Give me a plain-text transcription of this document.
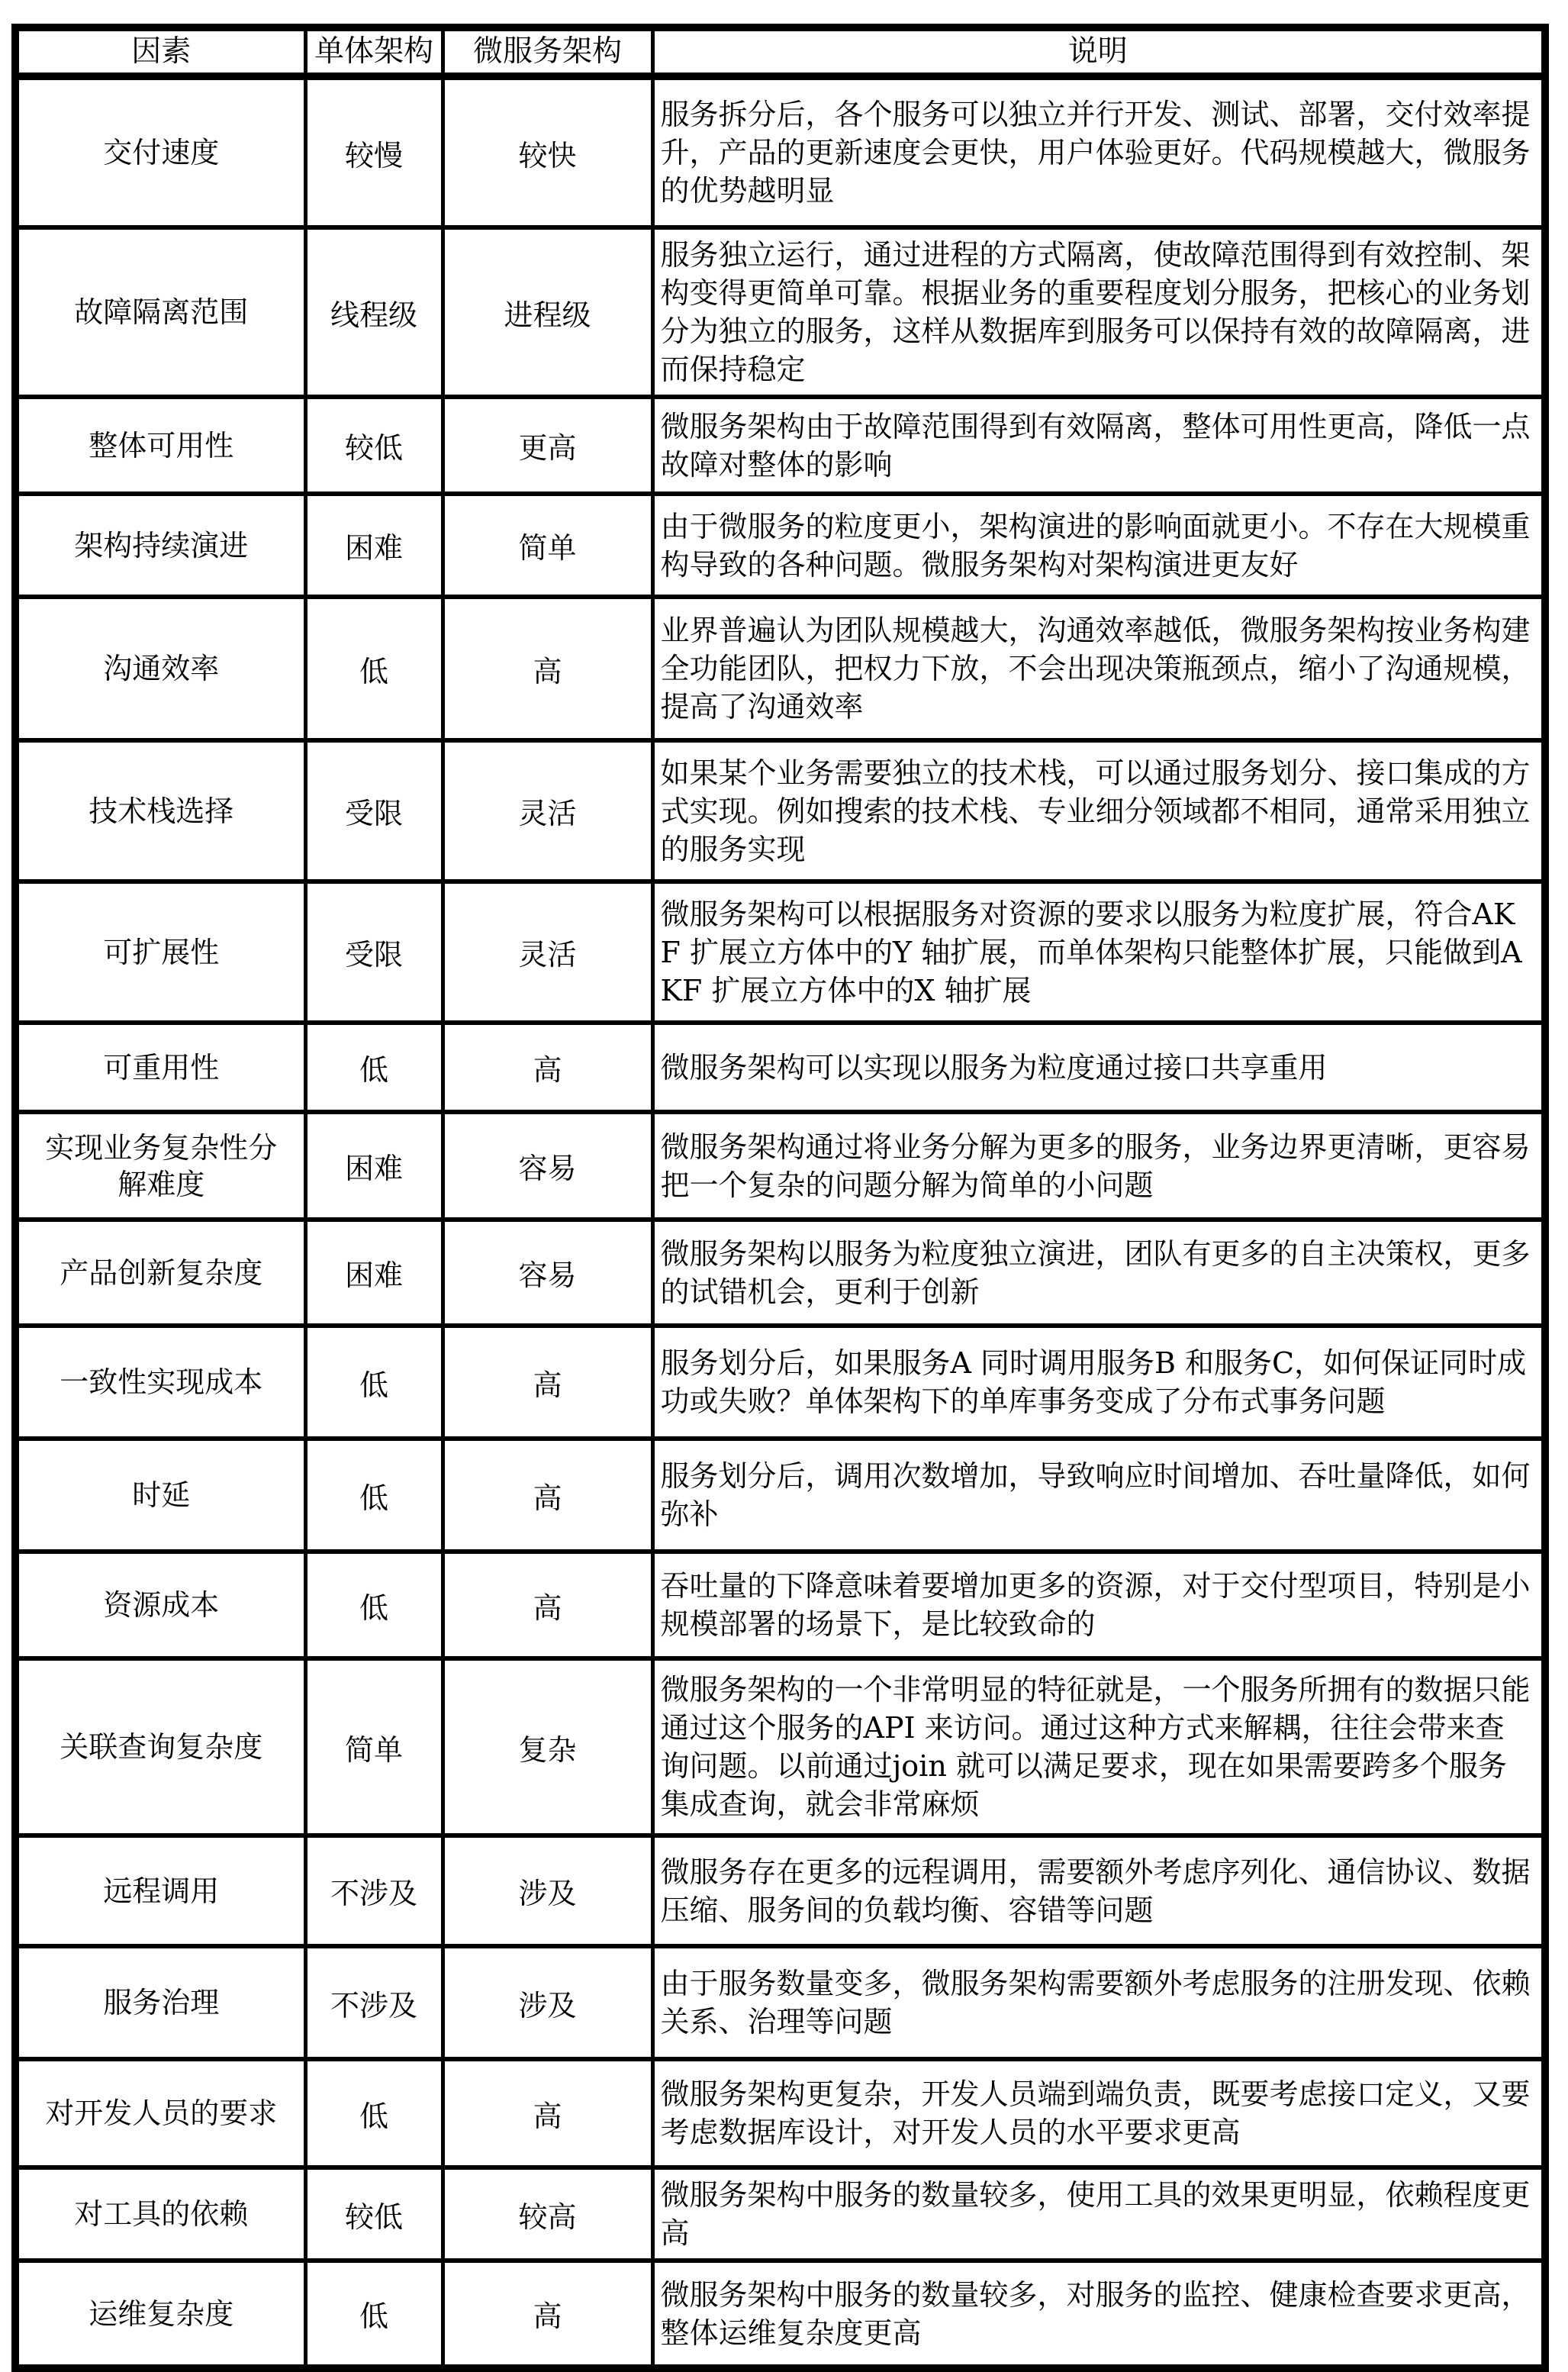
因素	单体架构	微服务架构	说明
交付速度	较慢	较快	服务拆分后，各个服务可以独立并行开发、测试、部署，交付效率提升，产品的更新速度会更快，用户体验更好。代码规模越大，微服务的优势越明显
故障隔离范围	线程级	进程级	服务独立运行，通过进程的方式隔离，使故障范围得到有效控制、架构变得更简单可靠。根据业务的重要程度划分服务，把核心的业务划分为独立的服务，这样从数据库到服务可以保持有效的故障隔离，进而保持稳定
整体可用性	较低	更高	微服务架构由于故障范围得到有效隔离，整体可用性更高，降低一点故障对整体的影响
架构持续演进	困难	简单	由于微服务的粒度更小，架构演进的影响面就更小。不存在大规模重构导致的各种问题。微服务架构对架构演进更友好
沟通效率	低	高	业界普遍认为团队规模越大，沟通效率越低，微服务架构按业务构建全功能团队，把权力下放，不会出现决策瓶颈点，缩小了沟通规模，提高了沟通效率
技术栈选择	受限	灵活	如果某个业务需要独立的技术栈，可以通过服务划分、接口集成的方式实现。例如搜索的技术栈、专业细分领域都不相同，通常采用独立的服务实现
可扩展性	受限	灵活	微服务架构可以根据服务对资源的要求以服务为粒度扩展，符合AKF 扩展立方体中的Y 轴扩展，而单体架构只能整体扩展，只能做到AKF 扩展立方体中的X 轴扩展
可重用性	低	高	微服务架构可以实现以服务为粒度通过接口共享重用
实现业务复杂性分解难度	困难	容易	微服务架构通过将业务分解为更多的服务，业务边界更清晰，更容易把一个复杂的问题分解为简单的小问题
产品创新复杂度	困难	容易	微服务架构以服务为粒度独立演进，团队有更多的自主决策权，更多的试错机会，更利于创新
一致性实现成本	低	高	服务划分后，如果服务A 同时调用服务B 和服务C，如何保证同时成功或失败？单体架构下的单库事务变成了分布式事务问题
时延	低	高	服务划分后，调用次数增加，导致响应时间增加、吞吐量降低，如何弥补
资源成本	低	高	吞吐量的下降意味着要增加更多的资源，对于交付型项目，特别是小规模部署的场景下，是比较致命的
关联查询复杂度	简单	复杂	微服务架构的一个非常明显的特征就是，一个服务所拥有的数据只能通过这个服务的API 来访问。通过这种方式来解耦，往往会带来查询问题。以前通过join 就可以满足要求，现在如果需要跨多个服务集成查询，就会非常麻烦
远程调用	不涉及	涉及	微服务存在更多的远程调用，需要额外考虑序列化、通信协议、数据压缩、服务间的负载均衡、容错等问题
服务治理	不涉及	涉及	由于服务数量变多，微服务架构需要额外考虑服务的注册发现、依赖关系、治理等问题
对开发人员的要求	低	高	微服务架构更复杂，开发人员端到端负责，既要考虑接口定义，又要考虑数据库设计，对开发人员的水平要求更高
对工具的依赖	较低	较高	微服务架构中服务的数量较多，使用工具的效果更明显，依赖程度更高
运维复杂度	低	高	微服务架构中服务的数量较多，对服务的监控、健康检查要求更高，整体运维复杂度更高
